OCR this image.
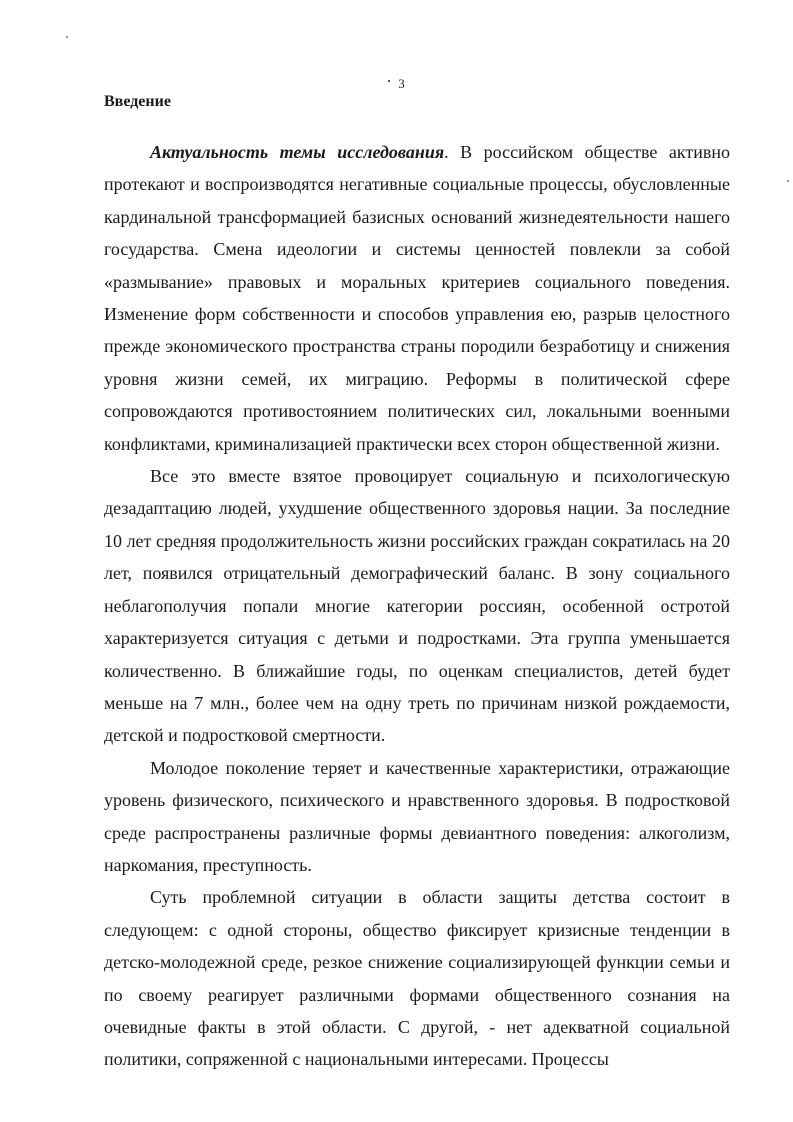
3
Введение

Актуальность темы исследования. В российском обществе активно протекают и воспроизводятся негативные социальные процессы, обусловленные кардинальной трансформацией базисных оснований жизнедеятельности нашего государства. Смена идеологии и системы ценностей повлекли за собой «размывание» правовых и моральных критериев социального поведения. Изменение форм собственности и способов управления ею, разрыв целостного прежде экономического пространства страны породили безработицу и снижения уровня жизни семей, их миграцию. Реформы в политической сфере сопровождаются противостоянием политических сил, локальными военными конфликтами, криминализацией практически всех сторон общественной жизни.

Все это вместе взятое провоцирует социальную и психологическую дезадаптацию людей, ухудшение общественного здоровья нации. За последние 10 лет средняя продолжительность жизни российских граждан сократилась на 20 лет, появился отрицательный демографический баланс. В зону социального неблагополучия попали многие категории россиян, особенной остротой характеризуется ситуация с детьми и подростками. Эта группа уменьшается количественно. В ближайшие годы, по оценкам специалистов, детей будет меньше на 7 млн., более чем на одну треть по причинам низкой рождаемости, детской и подростковой смертности.

Молодое поколение теряет и качественные характеристики, отражающие уровень физического, психического и нравственного здоровья. В подростковой среде распространены различные формы девиантного поведения: алкоголизм, наркомания, преступность.

Суть проблемной ситуации в области защиты детства состоит в следующем: с одной стороны, общество фиксирует кризисные тенденции в детско-молодежной среде, резкое снижение социализирующей функции семьи и по своему реагирует различными формами общественного сознания на очевидные факты в этой области. С другой, - нет адекватной социальной политики, сопряженной с национальными интересами. Процессы
